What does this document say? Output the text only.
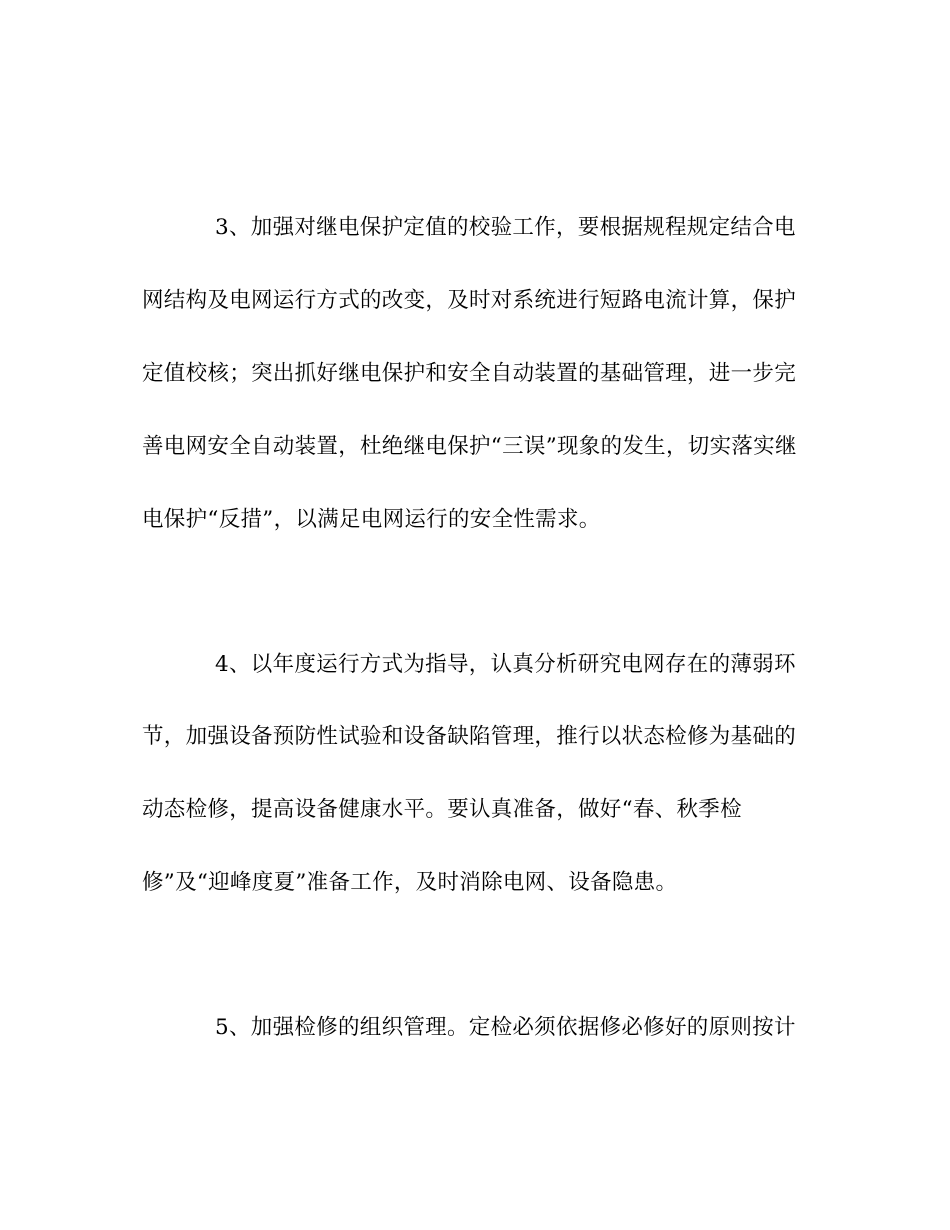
3、加强对继电保护定值的校验工作，要根据规程规定结合电
网结构及电网运行方式的改变，及时对系统进行短路电流计算，保护
定值校核；突出抓好继电保护和安全自动装置的基础管理，进一步完
善电网安全自动装置，杜绝继电保护“三误”现象的发生，切实落实继
电保护“反措”，以满足电网运行的安全性需求。
4、以年度运行方式为指导，认真分析研究电网存在的薄弱环
节，加强设备预防性试验和设备缺陷管理，推行以状态检修为基础的
动态检修，提高设备健康水平。要认真准备，做好“春、秋季检
修”及“迎峰度夏”准备工作，及时消除电网、设备隐患。
5、加强检修的组织管理。定检必须依据修必修好的原则按计
